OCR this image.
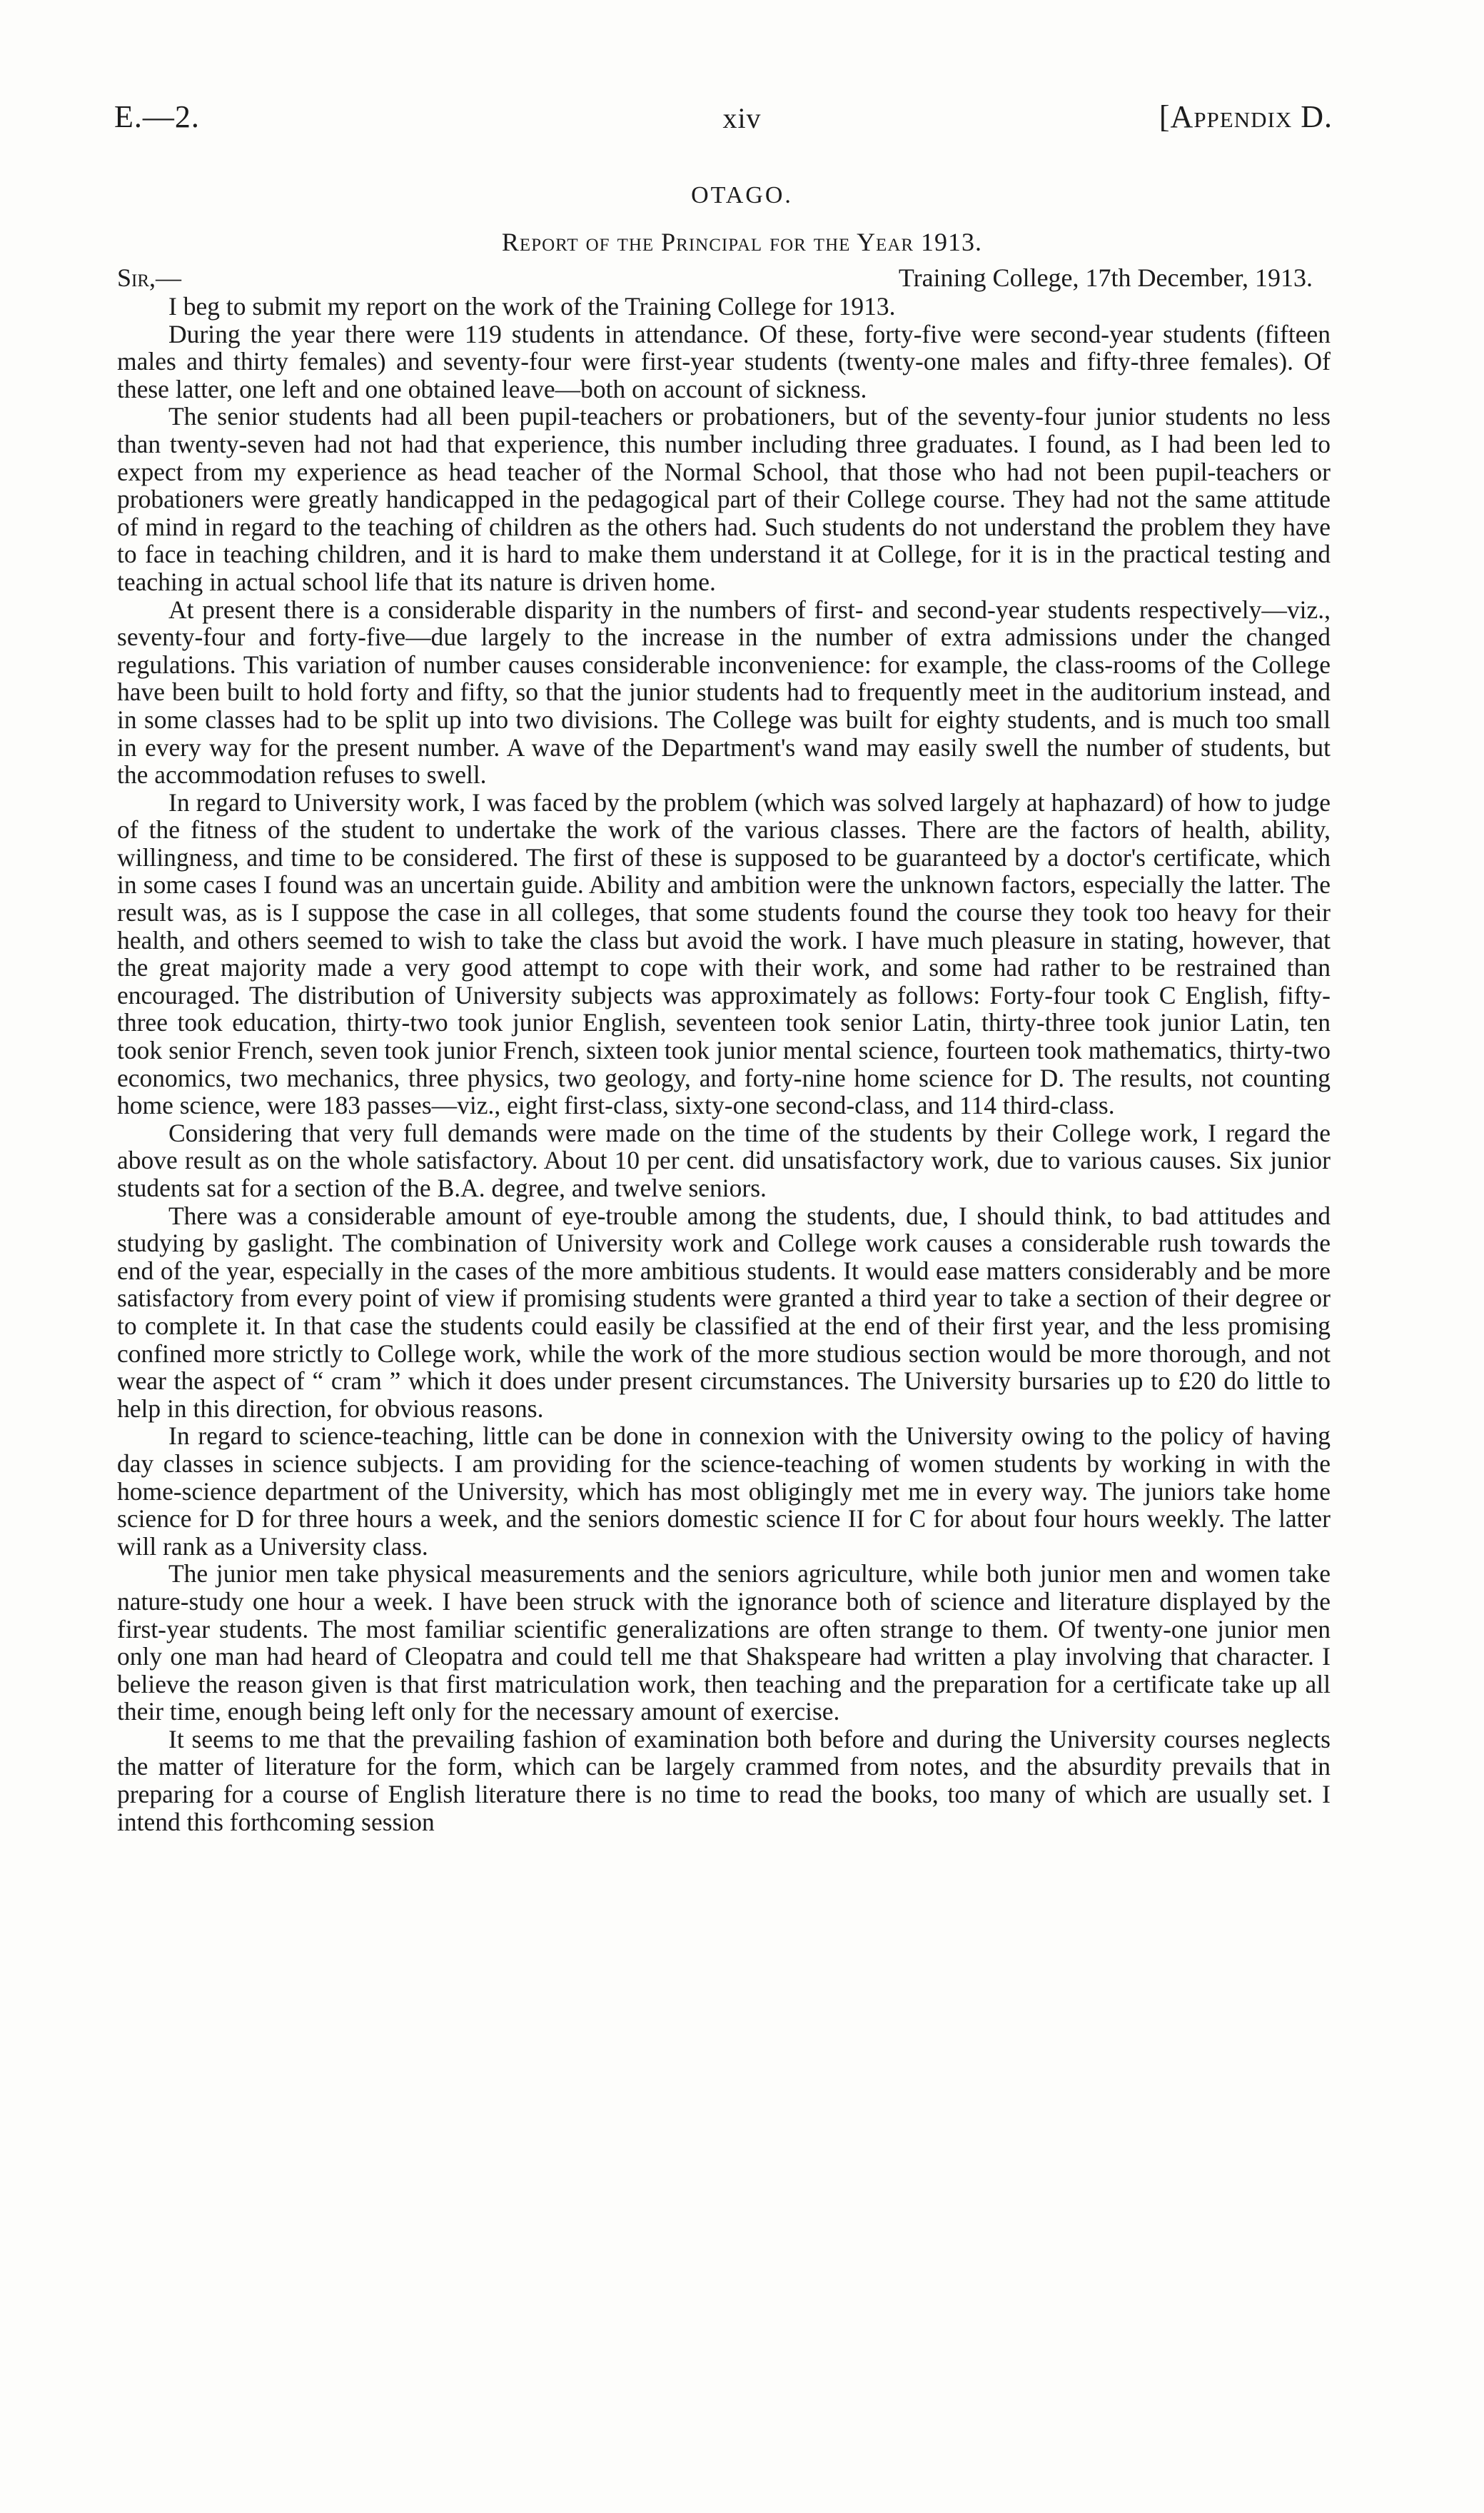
E.—2.	xiv	[Appendix D.
OTAGO.
Report of the Principal for the Year 1913.
Sir,—	Training College, 17th December, 1913.

I beg to submit my report on the work of the Training College for 1913.

During the year there were 119 students in attendance. Of these, forty-five were second-year students (fifteen males and thirty females) and seventy-four were first-year students (twenty-one males and fifty-three females). Of these latter, one left and one obtained leave—both on account of sickness.

The senior students had all been pupil-teachers or probationers, but of the seventy-four junior students no less than twenty-seven had not had that experience, this number including three graduates. I found, as I had been led to expect from my experience as head teacher of the Normal School, that those who had not been pupil-teachers or probationers were greatly handicapped in the pedagogical part of their College course. They had not the same attitude of mind in regard to the teaching of children as the others had. Such students do not understand the problem they have to face in teaching children, and it is hard to make them understand it at College, for it is in the practical testing and teaching in actual school life that its nature is driven home.

At present there is a considerable disparity in the numbers of first- and second-year students respectively—viz., seventy-four and forty-five—due largely to the increase in the number of extra admissions under the changed regulations. This variation of number causes considerable inconvenience: for example, the class-rooms of the College have been built to hold forty and fifty, so that the junior students had to frequently meet in the auditorium instead, and in some classes had to be split up into two divisions. The College was built for eighty students, and is much too small in every way for the present number. A wave of the Department's wand may easily swell the number of students, but the accommodation refuses to swell.

In regard to University work, I was faced by the problem (which was solved largely at haphazard) of how to judge of the fitness of the student to undertake the work of the various classes. There are the factors of health, ability, willingness, and time to be considered. The first of these is supposed to be guaranteed by a doctor's certificate, which in some cases I found was an uncertain guide. Ability and ambition were the unknown factors, especially the latter. The result was, as is I suppose the case in all colleges, that some students found the course they took too heavy for their health, and others seemed to wish to take the class but avoid the work. I have much pleasure in stating, however, that the great majority made a very good attempt to cope with their work, and some had rather to be restrained than encouraged. The distribution of University subjects was approximately as follows: Forty-four took C English, fifty-three took education, thirty-two took junior English, seventeen took senior Latin, thirty-three took junior Latin, ten took senior French, seven took junior French, sixteen took junior mental science, fourteen took mathematics, thirty-two economics, two mechanics, three physics, two geology, and forty-nine home science for D. The results, not counting home science, were 183 passes—viz., eight first-class, sixty-one second-class, and 114 third-class.

Considering that very full demands were made on the time of the students by their College work, I regard the above result as on the whole satisfactory. About 10 per cent. did unsatisfactory work, due to various causes. Six junior students sat for a section of the B.A. degree, and twelve seniors.

There was a considerable amount of eye-trouble among the students, due, I should think, to bad attitudes and studying by gaslight. The combination of University work and College work causes a considerable rush towards the end of the year, especially in the cases of the more ambitious students. It would ease matters considerably and be more satisfactory from every point of view if promising students were granted a third year to take a section of their degree or to complete it. In that case the students could easily be classified at the end of their first year, and the less promising confined more strictly to College work, while the work of the more studious section would be more thorough, and not wear the aspect of “ cram ” which it does under present circumstances. The University bursaries up to £20 do little to help in this direction, for obvious reasons.

In regard to science-teaching, little can be done in connexion with the University owing to the policy of having day classes in science subjects. I am providing for the science-teaching of women students by working in with the home-science department of the University, which has most obligingly met me in every way. The juniors take home science for D for three hours a week, and the seniors domestic science II for C for about four hours weekly. The latter will rank as a University class.

The junior men take physical measurements and the seniors agriculture, while both junior men and women take nature-study one hour a week. I have been struck with the ignorance both of science and literature displayed by the first-year students. The most familiar scientific generalizations are often strange to them. Of twenty-one junior men only one man had heard of Cleopatra and could tell me that Shakspeare had written a play involving that character. I believe the reason given is that first matriculation work, then teaching and the preparation for a certificate take up all their time, enough being left only for the necessary amount of exercise.

It seems to me that the prevailing fashion of examination both before and during the University courses neglects the matter of literature for the form, which can be largely crammed from notes, and the absurdity prevails that in preparing for a course of English literature there is no time to read the books, too many of which are usually set. I intend this forthcoming session
